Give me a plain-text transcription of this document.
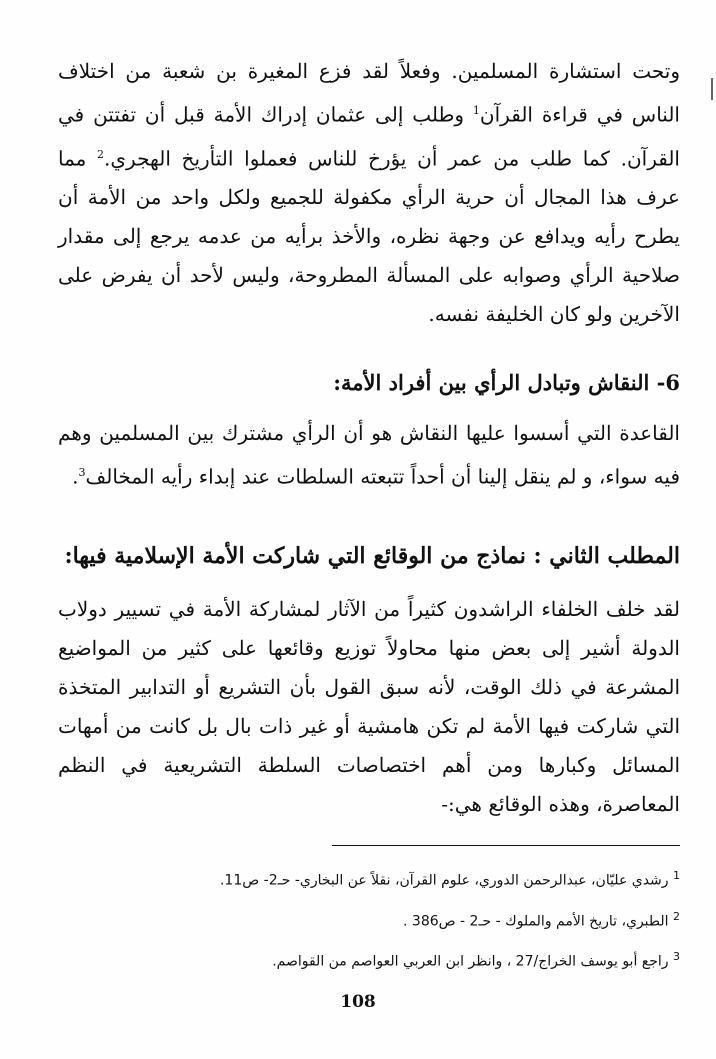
وتحت استشارة المسلمين. وفعلاً لقد فزع المغيرة بن شعبة من اختلاف الناس في قراءة القرآن$^1$ وطلب إلى عثمان إدراك الأمة قبل أن تفتتن في القرآن. كما طلب من عمر أن يؤرخ للناس فعملوا التأريخ الهجري.$^2$ مما عرف هذا المجال أن حرية الرأي مكفولة للجميع ولكل واحد من الأمة أن يطرح رأيه ويدافع عن وجهة نظره، والأخذ برأيه من عدمه يرجع إلى مقدار صلاحية الرأي وصوابه على المسألة المطروحة، وليس لأحد أن يفرض على الآخرين ولو كان الخليفة نفسه.

6- النقاش وتبادل الرأي بين أفراد الأمة:

القاعدة التي أسسوا عليها النقاش هو أن الرأي مشترك بين المسلمين وهم فيه سواء، و لم ينقل إلينا أن أحداً تتبعته السلطات عند إبداء رأيه المخالف$^3$.

المطلب الثاني : نماذج من الوقائع التي شاركت الأمة الإسلامية فيها:

لقد خلف الخلفاء الراشدون كثيراً من الآثار لمشاركة الأمة في تسيير دولاب الدولة أشير إلى بعض منها محاولاً توزيع وقائعها على كثير من المواضيع المشرعة في ذلك الوقت، لأنه سبق القول بأن التشريع أو التدابير المتخذة التي شاركت فيها الأمة لم تكن هامشية أو غير ذات بال بل كانت من أمهات المسائل وكبارها ومن أهم اختصاصات السلطة التشريعية في النظم المعاصرة، وهذه الوقائع هي:-

$^1$ رشدي عليّان، عبدالرحمن الدوري، علوم القرآن، نقلاً عن البخاري- حـ2- ص11.

$^2$ الطبري، تاريخ الأمم والملوك - حـ2 - ص386 .

$^3$ راجع أبو يوسف الخراج/27 ، وانظر ابن العربي العواصم من القواصم.

108
